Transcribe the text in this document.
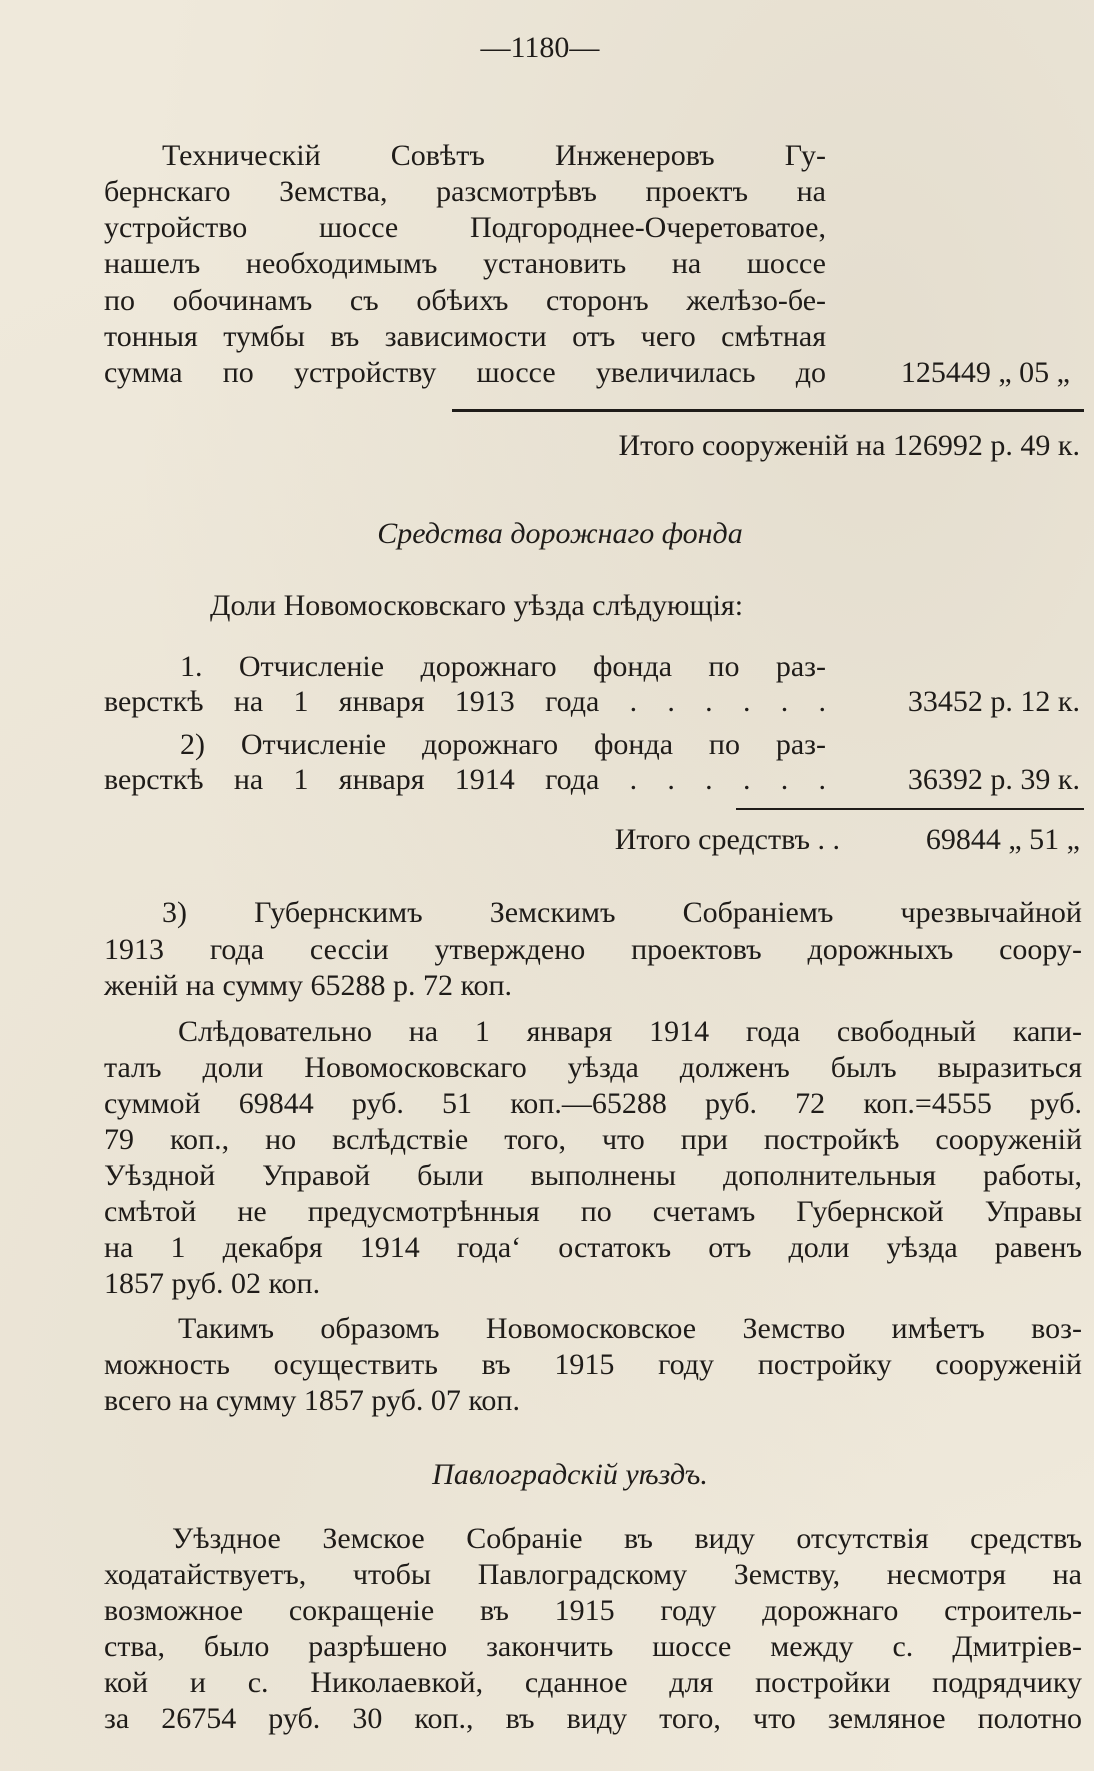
—1180—
Техническій Совѣтъ Инженеровъ Гу-
бернскаго Земства, разсмотрѣвъ проектъ на
устройство шоссе Подгороднее-Очеретоватое,
нашелъ необходимымъ установить на шоссе
по обочинамъ съ обѣихъ сторонъ желѣзо-бе-
тонныя тумбы въ зависимости отъ чего смѣтная
сумма по устройству шоссе увеличилась до	125449 „ 05 „
Итого сооруженій на 126992 р. 49 к.
Средства дорожнаго фонда
Доли Новомосковскаго уѣзда слѣдующія:
1. Отчисленіе дорожнаго фонда по раз-
версткѣ на 1 января 1913 года . . . . . .	33452 р. 12 к.
2) Отчисленіе дорожнаго фонда по раз-
версткѣ на 1 января 1914 года . . . . . .	36392 р. 39 к.
Итого средствъ . .	69844 „ 51 „
3) Губернскимъ Земскимъ Собраніемъ чрезвычайной
1913 года сессіи утверждено проектовъ дорожныхъ соору-
женій на сумму 65288 р. 72 коп.
Слѣдовательно на 1 января 1914 года свободный капи-
талъ доли Новомосковскаго уѣзда долженъ былъ выразиться
суммой 69844 руб. 51 коп.—65288 руб. 72 коп.=4555 руб.
79 коп., но вслѣдствіе того, что при постройкѣ сооруженій
Уѣздной Управой были выполнены дополнительныя работы,
смѣтой не предусмотрѣнныя по счетамъ Губернской Управы
на 1 декабря 1914 года‘ остатокъ отъ доли уѣзда равенъ
1857 руб. 02 коп.
Такимъ образомъ Новомосковское Земство имѣетъ воз-
можность осуществить въ 1915 году постройку сооруженій
всего на сумму 1857 руб. 07 коп.
Павлоградскій уѣздъ.
Уѣздное Земское Собраніе въ виду отсутствія средствъ
ходатайствуетъ, чтобы Павлоградскому Земству, несмотря на
возможное сокращеніе въ 1915 году дорожнаго строитель-
ства, было разрѣшено закончить шоссе между с. Дмитріев-
кой и с. Николаевкой, сданное для постройки подрядчику
за 26754 руб. 30 коп., въ виду того, что земляное полотно
